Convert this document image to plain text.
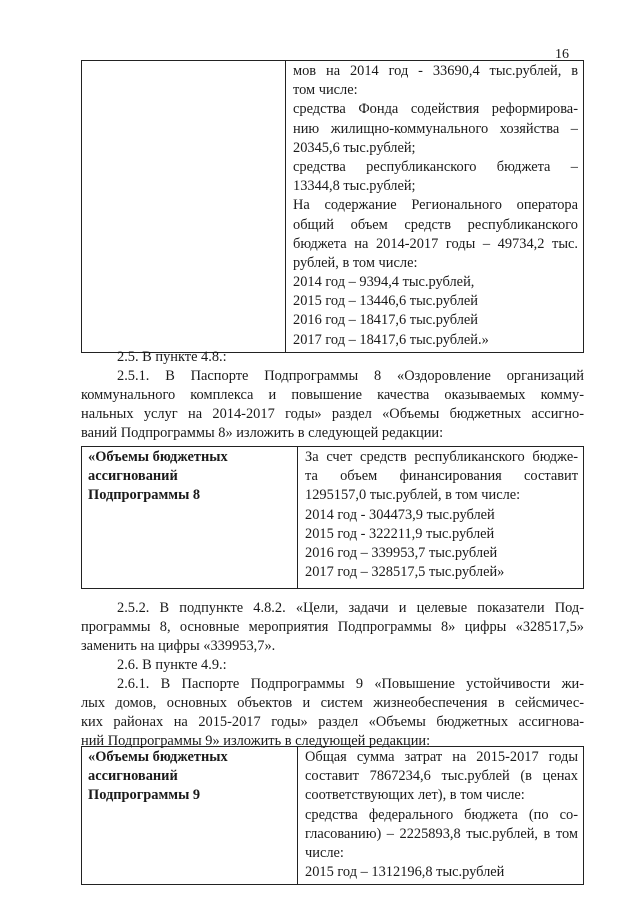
16

мов на 2014 год - 33690,4 тыс.рублей, в
том числе:
средства Фонда содействия реформирова-
нию жилищно-коммунального хозяйства –
20345,6 тыс.рублей;
средства республиканского бюджета –
13344,8 тыс.рублей;
На содержание Регионального оператора
общий объем средств республиканского
бюджета на 2014-2017 годы – 49734,2 тыс.
рублей, в том числе:
2014 год – 9394,4 тыс.рублей,
2015 год – 13446,6 тыс.рублей
2016 год – 18417,6 тыс.рублей
2017 год – 18417,6 тыс.рублей.»
2.5. В пункте 4.8.:
2.5.1. В Паспорте Подпрограммы 8 «Оздоровление организаций
коммунального комплекса и повышение качества оказываемых комму-
нальных услуг на 2014-2017 годы» раздел «Объемы бюджетных ассигно-
ваний Подпрограммы 8» изложить в следующей редакции:
«Объемы бюджетных
ассигнований
Подпрограммы 8

За счет средств республиканского бюдже-
та объем финансирования составит
1295157,0 тыс.рублей, в том числе:
2014 год - 304473,9 тыс.рублей
2015 год - 322211,9 тыс.рублей
2016 год – 339953,7 тыс.рублей
2017 год – 328517,5 тыс.рублей»
2.5.2. В подпункте 4.8.2. «Цели, задачи и целевые показатели Под-
программы 8, основные мероприятия Подпрограммы 8» цифры «328517,5»
заменить на цифры «339953,7».
2.6. В пункте 4.9.:
2.6.1. В Паспорте Подпрограммы 9 «Повышение устойчивости жи-
лых домов, основных объектов и систем жизнеобеспечения в сейсмичес-
ких районах на 2015-2017 годы» раздел «Объемы бюджетных ассигнова-
ний Подпрограммы 9» изложить в следующей редакции:
«Объемы бюджетных
ассигнований
Подпрограммы 9

Общая сумма затрат на 2015-2017 годы
составит 7867234,6 тыс.рублей (в ценах
соответствующих лет), в том числе:
средства федерального бюджета (по со-
гласованию) – 2225893,8 тыс.рублей, в том
числе:
2015 год – 1312196,8 тыс.рублей
